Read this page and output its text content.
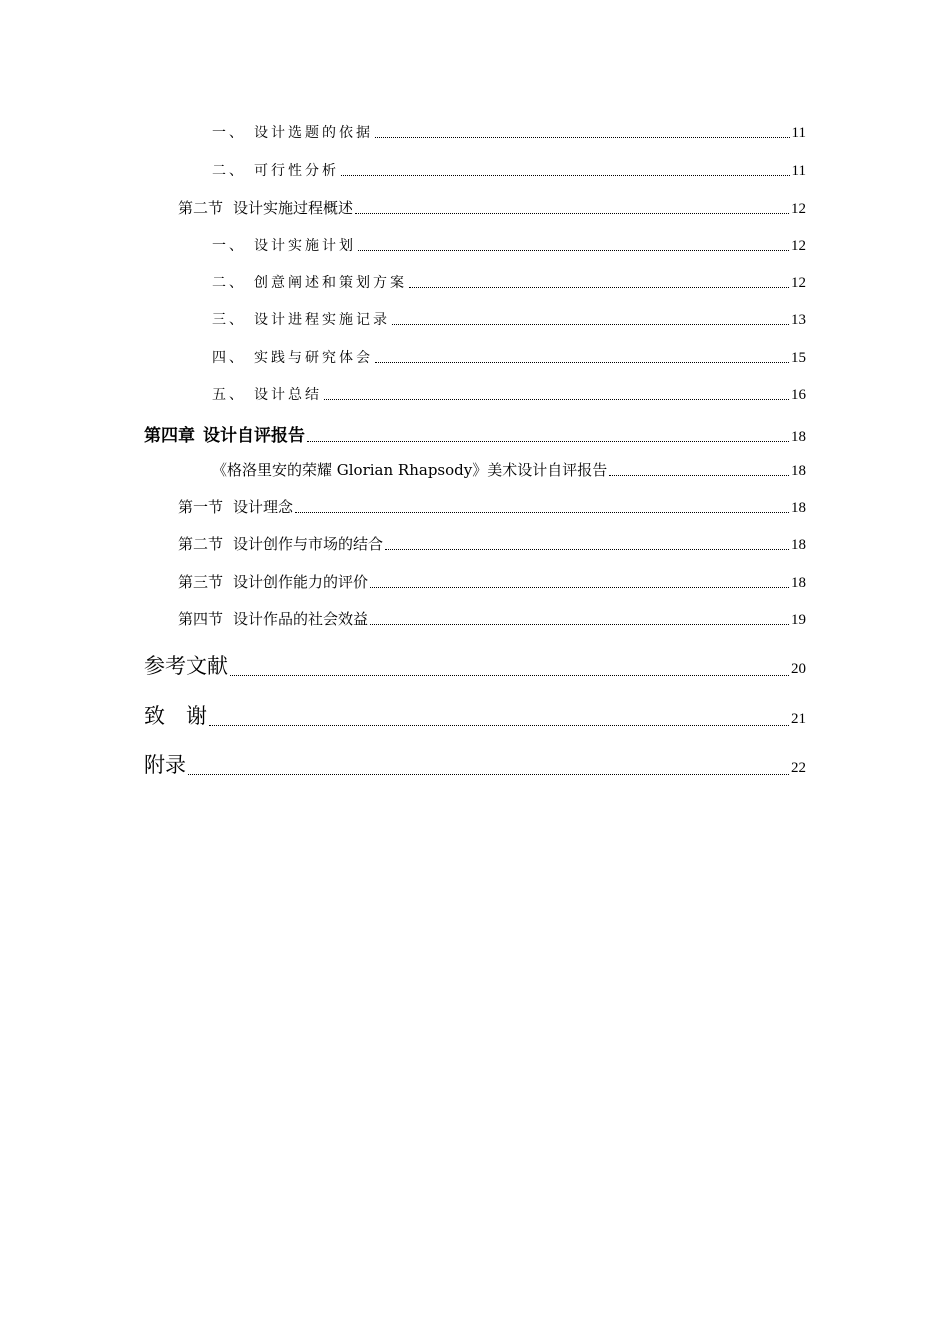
一、 设计选题的依据	11
二、 可行性分析	11
第二节 设计实施过程概述	12
一、 设计实施计划	12
二、 创意阐述和策划方案	12
三、 设计进程实施记录	13
四、 实践与研究体会	15
五、 设计总结	16
第四章 设计自评报告	18
《格洛里安的荣耀 Glorian Rhapsody》美术设计自评报告	18
第一节 设计理念	18
第二节 设计创作与市场的结合	18
第三节 设计创作能力的评价	18
第四节 设计作品的社会效益	19
参考文献	20
致　谢	21
附录	22
